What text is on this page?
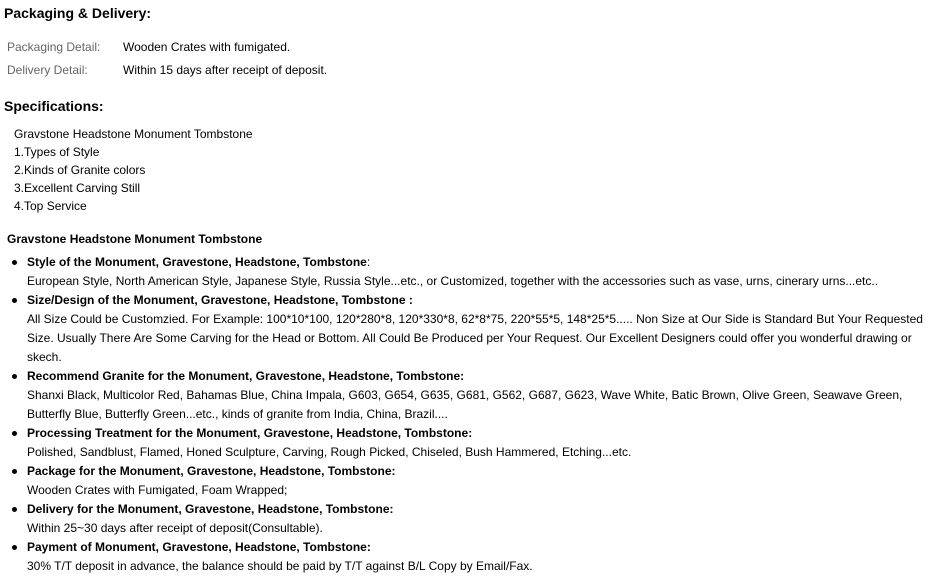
Packaging & Delivery:
Packaging Detail:	Wooden Crates with fumigated.
Delivery Detail:	Within 15 days after receipt of deposit.
Specifications:
Gravstone Headstone Monument Tombstone
1.Types of Style
2.Kinds of Granite colors
3.Excellent Carving Still
4.Top Service
Gravstone Headstone Monument Tombstone
Style of the Monument, Gravestone, Headstone, Tombstone:
European Style, North American Style, Japanese Style, Russia Style...etc., or Customized, together with the accessories such as vase, urns, cinerary urns...etc..
Size/Design of the Monument, Gravestone, Headstone, Tombstone :
All Size Could be Customzied. For Example: 100*10*100, 120*280*8, 120*330*8, 62*8*75, 220*55*5, 148*25*5..... Non Size at Our Side is Standard But Your Requested Size. Usually There Are Some Carving for the Head or Bottom. All Could Be Produced per Your Request. Our Excellent Designers could offer you wonderful drawing or skech.
Recommend Granite for the Monument, Gravestone, Headstone, Tombstone:
Shanxi Black, Multicolor Red, Bahamas Blue, China Impala, G603, G654, G635, G681, G562, G687, G623, Wave White, Batic Brown, Olive Green, Seawave Green, Butterfly Blue, Butterfly Green...etc., kinds of granite from India, China, Brazil....
Processing Treatment for the Monument, Gravestone, Headstone, Tombstone:
Polished, Sandblust, Flamed, Honed Sculpture, Carving, Rough Picked, Chiseled, Bush Hammered, Etching...etc.
Package for the Monument, Gravestone, Headstone, Tombstone:
Wooden Crates with Fumigated, Foam Wrapped;
Delivery for the Monument, Gravestone, Headstone, Tombstone:
Within 25~30 days after receipt of deposit(Consultable).
Payment of Monument, Gravestone, Headstone, Tombstone:
30% T/T deposit in advance, the balance should be paid by T/T against B/L Copy by Email/Fax.
